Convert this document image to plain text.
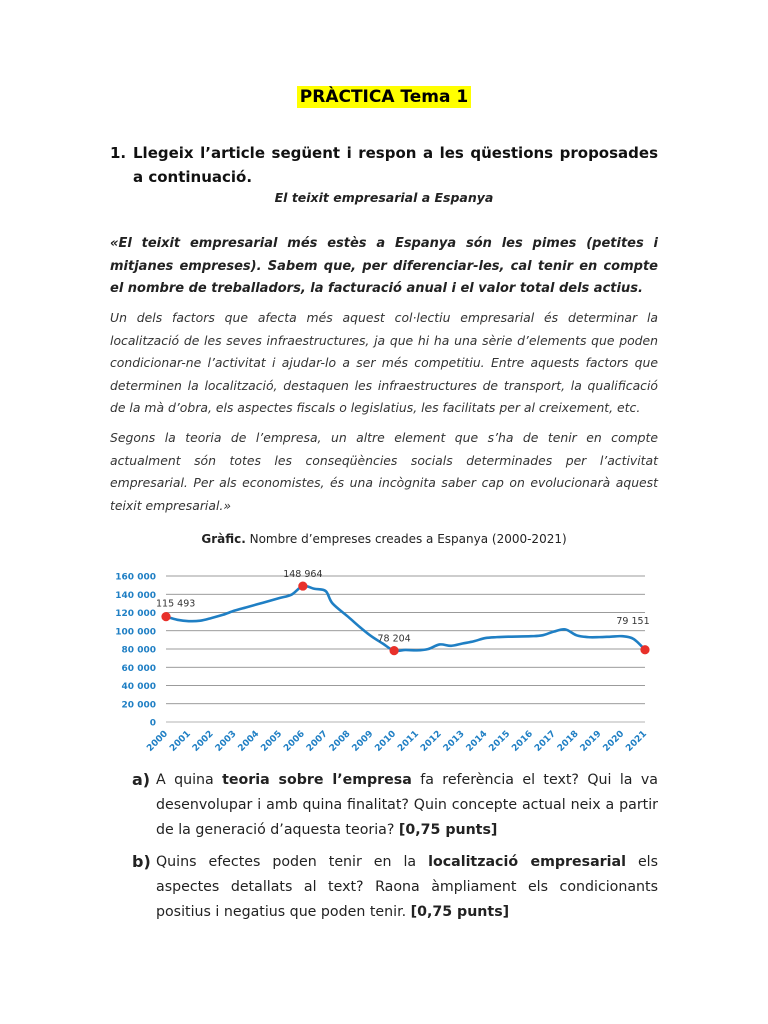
PRÀCTICA Tema 1
1. Llegeix l’article següent i respon a les qüestions proposades a continuació.
El teixit empresarial a Espanya
«El teixit empresarial més estès a Espanya són les pimes (petites i mitjanes empreses). Sabem que, per diferenciar-les, cal tenir en compte el nombre de treballadors, la facturació anual i el valor total dels actius.
Un dels factors que afecta més aquest col·lectiu empresarial és determinar la localització de les seves infraestructures, ja que hi ha una sèrie d’elements que poden condicionar-ne l’activitat i ajudar-lo a ser més competitiu. Entre aquests factors que determinen la localització, destaquen les infraestructures de transport, la qualificació de la mà d’obra, els aspectes fiscals o legislatius, les facilitats per al creixement, etc.
Segons la teoria de l’empresa, un altre element que s’ha de tenir en compte actualment són totes les conseqüències socials determinades per l’activitat empresarial. Per als economistes, és una incògnita saber cap on evolucionarà aquest teixit empresarial.»
Gràfic. Nombre d’empreses creades a Espanya (2000-2021)
0
20 000
40 000
60 000
80 000
100 000
120 000
140 000
160 000
2000
2001
2002
2003
2004
2005
2006
2007
2008
2009
2010
2011
2012
2013
2014
2015
2016
2017
2018
2019
2020
2021
115 493
148 964
78 204
79 151
a) A quina teoria sobre l’empresa fa referència el text? Qui la va desenvolupar i amb quina finalitat? Quin concepte actual neix a partir de la generació d’aquesta teoria? [0,75 punts]
b) Quins efectes poden tenir en la localització empresarial els aspectes detallats al text? Raona àmpliament els condicionants positius i negatius que poden tenir. [0,75 punts]
